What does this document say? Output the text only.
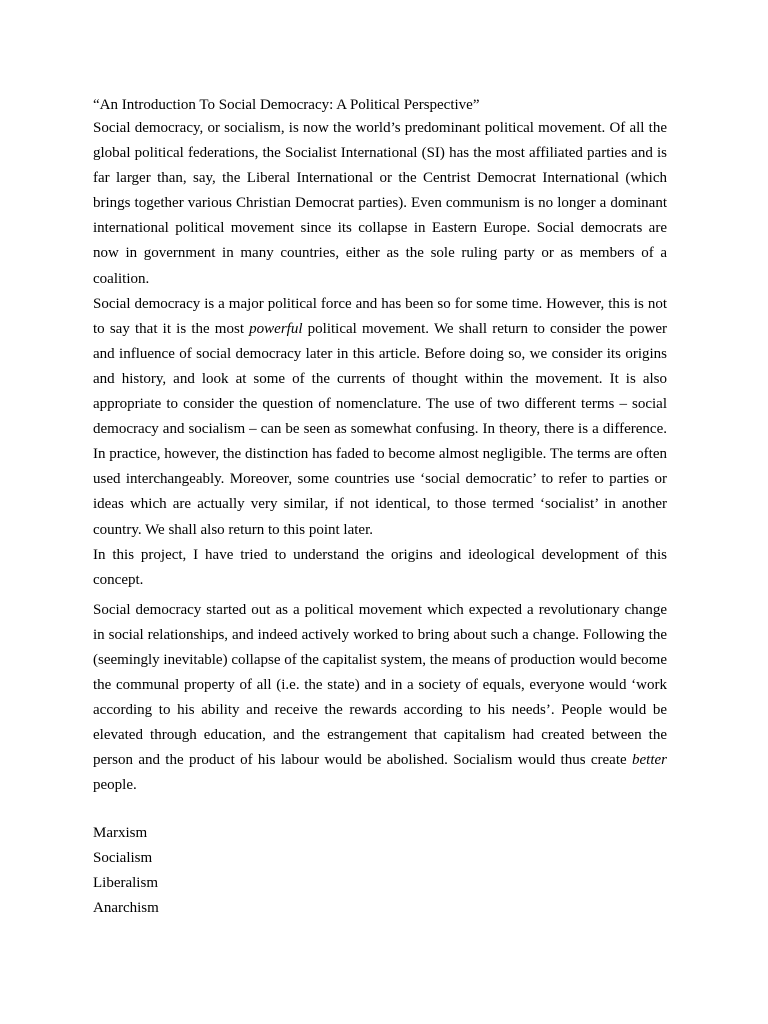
“An Introduction To Social Democracy: A Political Perspective”

Social democracy, or socialism, is now the world’s predominant political movement. Of all the global political federations, the Socialist International (SI) has the most affiliated parties and is far larger than, say, the Liberal International or the Centrist Democrat International (which brings together various Christian Democrat parties). Even communism is no longer a dominant international political movement since its collapse in Eastern Europe. Social democrats are now in government in many countries, either as the sole ruling party or as members of a coalition.

Social democracy is a major political force and has been so for some time. However, this is not to say that it is the most powerful political movement. We shall return to consider the power and influence of social democracy later in this article. Before doing so, we consider its origins and history, and look at some of the currents of thought within the movement. It is also appropriate to consider the question of nomenclature. The use of two different terms – social democracy and socialism – can be seen as somewhat confusing. In theory, there is a difference. In practice, however, the distinction has faded to become almost negligible. The terms are often used interchangeably. Moreover, some countries use ‘social democratic’ to refer to parties or ideas which are actually very similar, if not identical, to those termed ‘socialist’ in another country. We shall also return to this point later.

In this project, I have tried to understand the origins and ideological development of this concept.

Social democracy started out as a political movement which expected a revolutionary change in social relationships, and indeed actively worked to bring about such a change. Following the (seemingly inevitable) collapse of the capitalist system, the means of production would become the communal property of all (i.e. the state) and in a society of equals, everyone would ‘work according to his ability and receive the rewards according to his needs’. People would be elevated through education, and the estrangement that capitalism had created between the person and the product of his labour would be abolished. Socialism would thus create better people.

Marxism
Socialism
Liberalism
Anarchism
